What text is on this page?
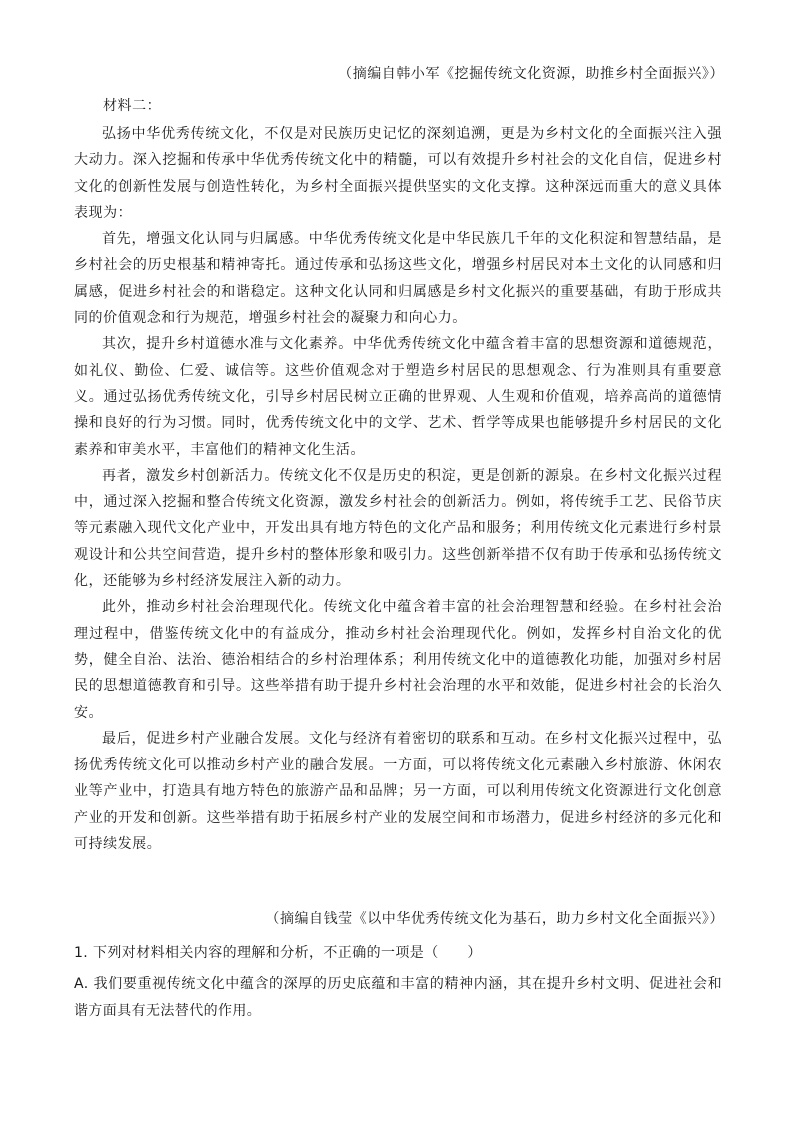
（摘编自韩小军《挖掘传统文化资源，助推乡村全面振兴》）
材料二：

弘扬中华优秀传统文化，不仅是对民族历史记忆的深刻追溯，更是为乡村文化的全面振兴注入强大动力。深入挖掘和传承中华优秀传统文化中的精髓，可以有效提升乡村社会的文化自信，促进乡村文化的创新性发展与创造性转化，为乡村全面振兴提供坚实的文化支撑。这种深远而重大的意义具体表现为：

首先，增强文化认同与归属感。中华优秀传统文化是中华民族几千年的文化积淀和智慧结晶，是乡村社会的历史根基和精神寄托。通过传承和弘扬这些文化，增强乡村居民对本土文化的认同感和归属感，促进乡村社会的和谐稳定。这种文化认同和归属感是乡村文化振兴的重要基础，有助于形成共同的价值观念和行为规范，增强乡村社会的凝聚力和向心力。

其次，提升乡村道德水准与文化素养。中华优秀传统文化中蕴含着丰富的思想资源和道德规范，如礼仪、勤俭、仁爱、诚信等。这些价值观念对于塑造乡村居民的思想观念、行为准则具有重要意义。通过弘扬优秀传统文化，引导乡村居民树立正确的世界观、人生观和价值观，培养高尚的道德情操和良好的行为习惯。同时，优秀传统文化中的文学、艺术、哲学等成果也能够提升乡村居民的文化素养和审美水平，丰富他们的精神文化生活。

再者，激发乡村创新活力。传统文化不仅是历史的积淀，更是创新的源泉。在乡村文化振兴过程中，通过深入挖掘和整合传统文化资源，激发乡村社会的创新活力。例如，将传统手工艺、民俗节庆等元素融入现代文化产业中，开发出具有地方特色的文化产品和服务；利用传统文化元素进行乡村景观设计和公共空间营造，提升乡村的整体形象和吸引力。这些创新举措不仅有助于传承和弘扬传统文化，还能够为乡村经济发展注入新的动力。

此外，推动乡村社会治理现代化。传统文化中蕴含着丰富的社会治理智慧和经验。在乡村社会治理过程中，借鉴传统文化中的有益成分，推动乡村社会治理现代化。例如，发挥乡村自治文化的优势，健全自治、法治、德治相结合的乡村治理体系；利用传统文化中的道德教化功能，加强对乡村居民的思想道德教育和引导。这些举措有助于提升乡村社会治理的水平和效能，促进乡村社会的长治久安。

最后，促进乡村产业融合发展。文化与经济有着密切的联系和互动。在乡村文化振兴过程中，弘扬优秀传统文化可以推动乡村产业的融合发展。一方面，可以将传统文化元素融入乡村旅游、休闲农业等产业中，打造具有地方特色的旅游产品和品牌；另一方面，可以利用传统文化资源进行文化创意产业的开发和创新。这些举措有助于拓展乡村产业的发展空间和市场潜力，促进乡村经济的多元化和可持续发展。

（摘编自钱莹《以中华优秀传统文化为基石，助力乡村文化全面振兴》）

1. 下列对材料相关内容的理解和分析，不正确的一项是（　　）

A. 我们要重视传统文化中蕴含的深厚的历史底蕴和丰富的精神内涵，其在提升乡村文明、促进社会和谐方面具有无法替代的作用。
